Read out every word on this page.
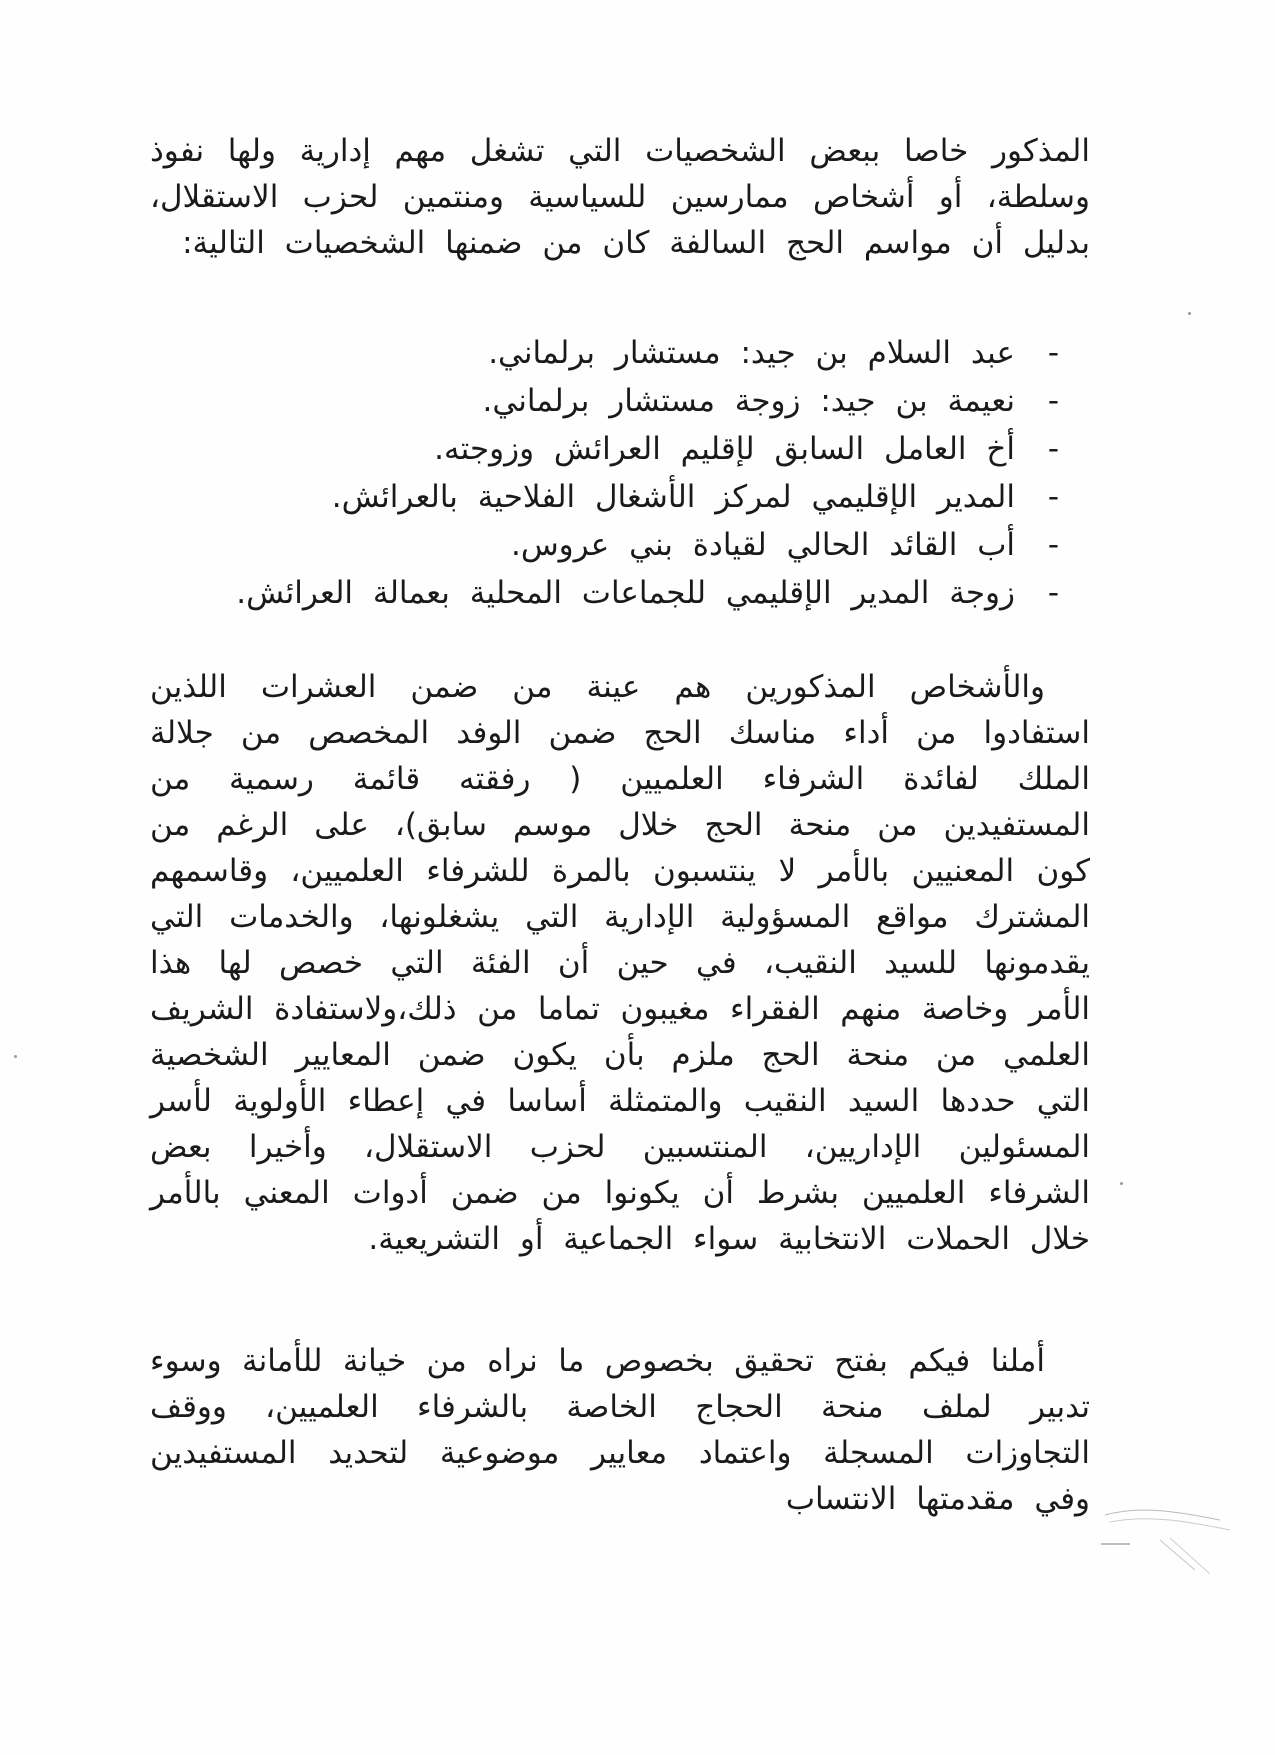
المذكور خاصا ببعض الشخصيات التي تشغل مهم إدارية ولها نفوذ وسلطة، أو أشخاص ممارسين للسياسية ومنتمين لحزب الاستقلال، بدليل أن مواسم الحج السالفة كان من ضمنها الشخصيات التالية:
-
عبد السلام بن جيد: مستشار برلماني.
-
نعيمة بن جيد: زوجة مستشار برلماني.
-
أخ العامل السابق لإقليم العرائش وزوجته.
-
المدير الإقليمي لمركز الأشغال الفلاحية بالعرائش.
-
أب القائد الحالي لقيادة بني عروس.
-
زوجة المدير الإقليمي للجماعات المحلية بعمالة العرائش.
والأشخاص المذكورين هم عينة من ضمن العشرات اللذين استفادوا من أداء مناسك الحج ضمن الوفد المخصص من جلالة الملك لفائدة الشرفاء العلميين ( رفقته قائمة رسمية من المستفيدين من منحة الحج خلال موسم سابق)، على الرغم من كون المعنيين بالأمر لا ينتسبون بالمرة للشرفاء العلميين، وقاسمهم المشترك مواقع المسؤولية الإدارية التي يشغلونها، والخدمات التي يقدمونها للسيد النقيب، في حين أن الفئة التي خصص لها هذا الأمر وخاصة منهم الفقراء مغيبون تماما من ذلك،ولاستفادة الشريف العلمي من منحة الحج ملزم بأن يكون ضمن المعايير الشخصية التي حددها السيد النقيب والمتمثلة أساسا في إعطاء الأولوية لأسر المسئولين الإداريين، المنتسبين لحزب الاستقلال، وأخيرا بعض الشرفاء العلميين بشرط أن يكونوا من ضمن أدوات المعني بالأمر خلال الحملات الانتخابية سواء الجماعية أو التشريعية.
أملنا فيكم بفتح تحقيق بخصوص ما نراه من خيانة للأمانة وسوء تدبير لملف منحة الحجاج الخاصة بالشرفاء العلميين، ووقف التجاوزات المسجلة واعتماد معايير موضوعية لتحديد المستفيدين وفي مقدمتها الانتساب
